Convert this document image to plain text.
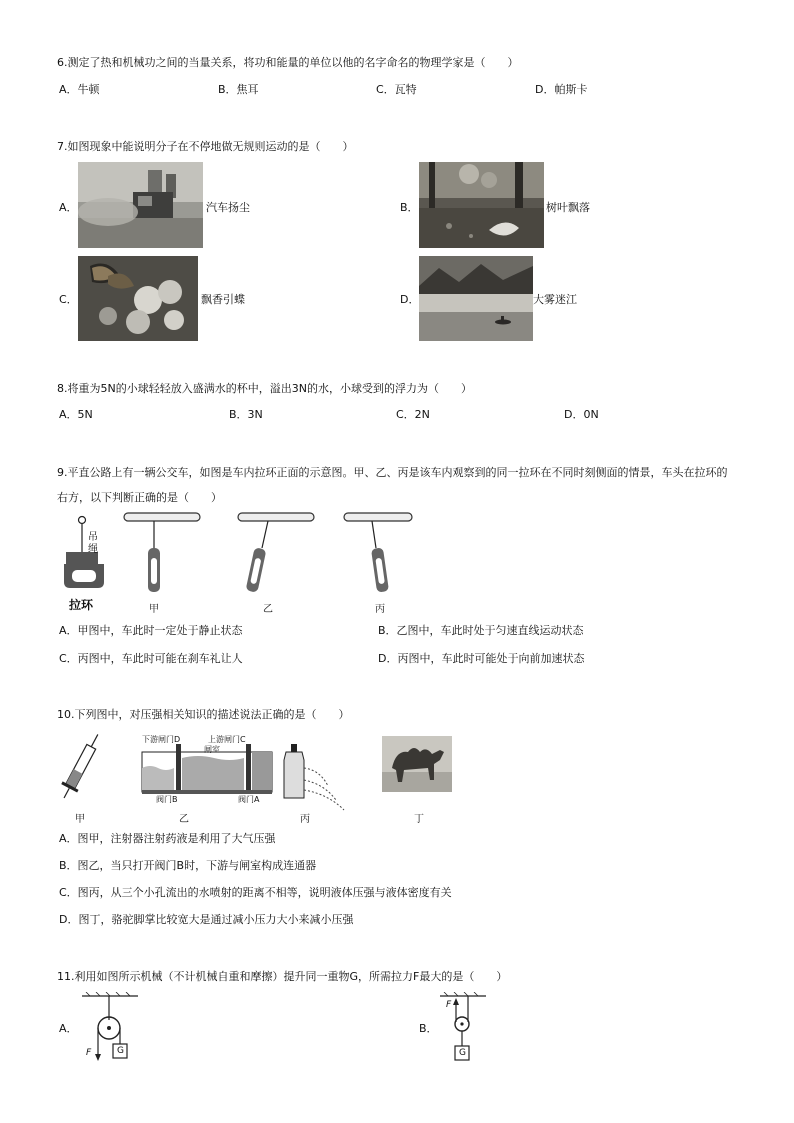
6.测定了热和机械功之间的当量关系，将功和能量的单位以他的名字命名的物理学家是（　　）
A．牛顿	B．焦耳	C．瓦特	D．帕斯卡
7.如图现象中能说明分子在不停地做无规则运动的是（　　）
A．	汽车扬尘	B．	树叶飘落
C．	飘香引蝶	D．	大雾迷江
8.将重为5N的小球轻轻放入盛满水的杯中，溢出3N的水，小球受到的浮力为（　　）
A．5N	B．3N	C．2N	D．0N
9.平直公路上有一辆公交车，如图是车内拉环正面的示意图。甲、乙、丙是该车内观察到的同一拉环在不同时刻侧面的情景，车头在拉环的
右方，以下判断正确的是（　　）
吊
绳
拉环	甲	乙	丙
A．甲图中，车此时一定处于静止状态	B．乙图中，车此时处于匀速直线运动状态
C．丙图中，车此时可能在刹车礼让人	D．丙图中，车此时可能处于向前加速状态
10.下列图中，对压强相关知识的描述说法正确的是（　　）
甲	乙	丙	丁
下游闸门D	上游闸门C
闸室
阀门B	阀门A
A．图甲，注射器注射药液是利用了大气压强
B．图乙，当只打开阀门B时，下游与闸室构成连通器
C．图丙，从三个小孔流出的水喷射的距离不相等，说明液体压强与液体密度有关
D．图丁，骆驼脚掌比较宽大是通过减小压力大小来减小压强
11.利用如图所示机械（不计机械自重和摩擦）提升同一重物G，所需拉力F最大的是（　　）
A．
F	G
B．
F
G
